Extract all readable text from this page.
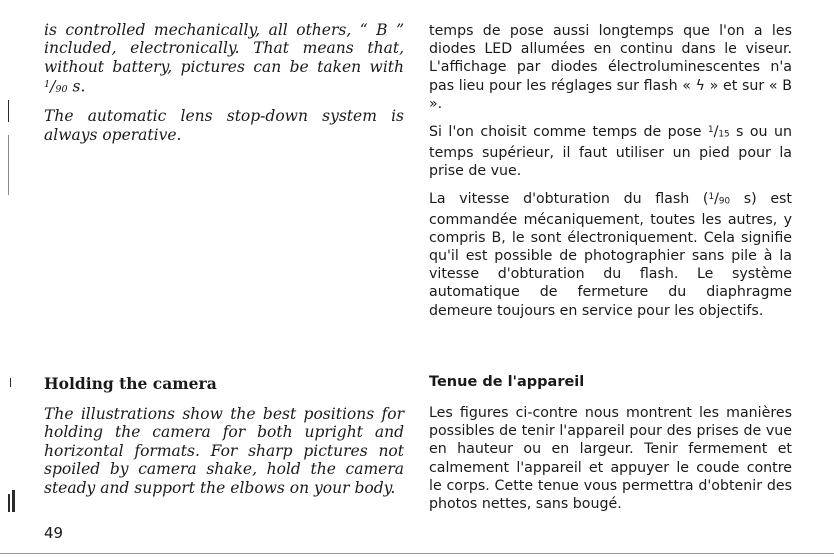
is controlled mechanically, all others, “ B ” included, electronically. That means that, without battery, pictures can be taken with $^1$/90 s.

The automatic lens stop-down system is always operative.

temps de pose aussi longtemps que l'on a les diodes LED allumées en continu dans le viseur. L'affichage par diodes électroluminescentes n'a pas lieu pour les réglages sur flash « ϟ » et sur « B ».

Si l'on choisit comme temps de pose $^1$/15 s ou un temps supérieur, il faut utiliser un pied pour la prise de vue.

La vitesse d'obturation du flash ($^1$/90 s) est commandée mécaniquement, toutes les autres, y compris B, le sont électroniquement. Cela signifie qu'il est possible de photographier sans pile à la vitesse d'obturation du flash. Le système automatique de fermeture du diaphragme demeure toujours en service pour les objectifs.

Holding the camera	Tenue de l'appareil

The illustrations show the best positions for holding the camera for both upright and horizontal formats. For sharp pictures not spoiled by camera shake, hold the camera steady and support the elbows on your body.

Les figures ci-contre nous montrent les manières possibles de tenir l'appareil pour des prises de vue en hauteur ou en largeur. Tenir fermement et calmement l'appareil et appuyer le coude contre le corps. Cette tenue vous permettra d'obtenir des photos nettes, sans bougé.

49
